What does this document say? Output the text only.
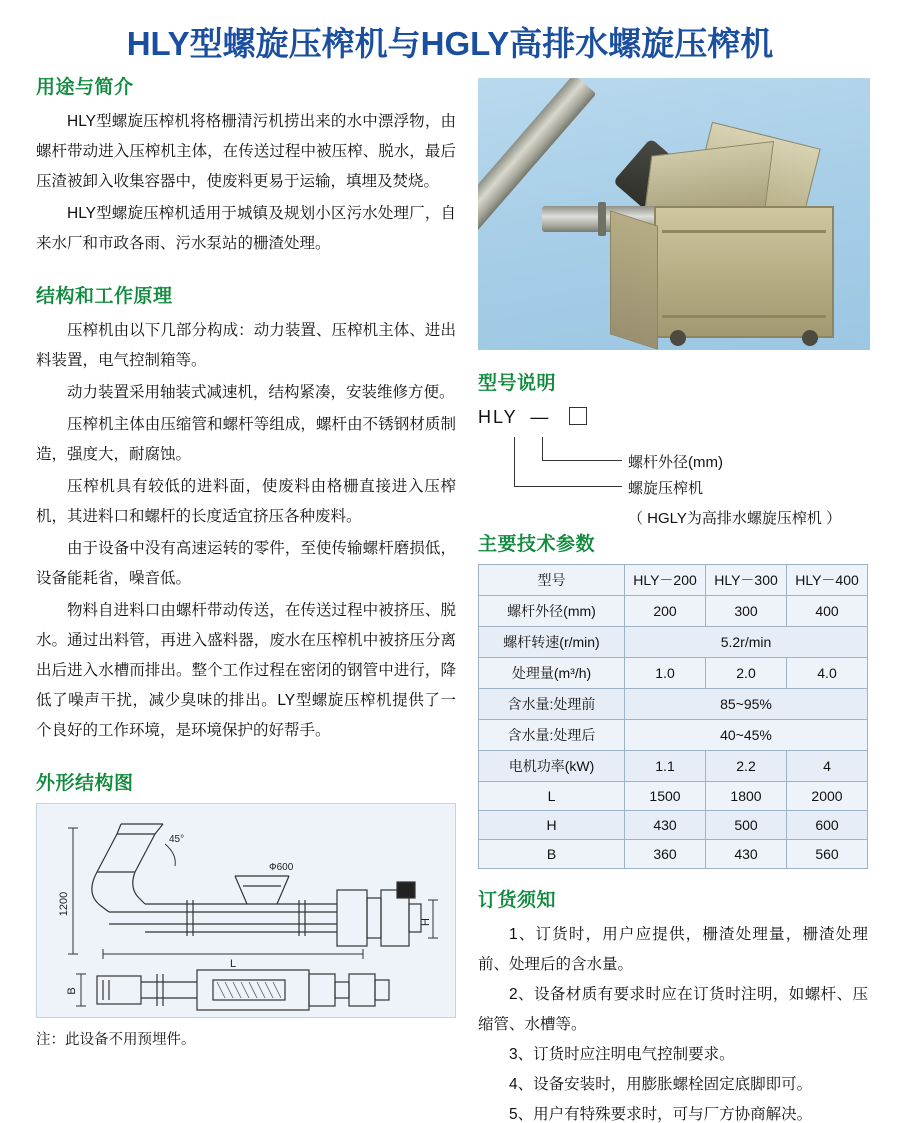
HLY型螺旋压榨机与HGLY高排水螺旋压榨机
用途与简介

HLY型螺旋压榨机将格栅清污机捞出来的水中漂浮物，由螺杆带动进入压榨机主体，在传送过程中被压榨、脱水，最后压渣被卸入收集容器中，使废料更易于运输，填埋及焚烧。

HLY型螺旋压榨机适用于城镇及规划小区污水处理厂，自来水厂和市政各雨、污水泵站的栅渣处理。

结构和工作原理

压榨机由以下几部分构成：动力装置、压榨机主体、进出料装置，电气控制箱等。

动力装置采用轴装式减速机，结构紧凑，安装维修方便。

压榨机主体由压缩管和螺杆等组成，螺杆由不锈钢材质制造，强度大，耐腐蚀。

压榨机具有较低的进料面，使废料由格栅直接进入压榨机，其进料口和螺杆的长度适宜挤压各种废料。

由于设备中没有高速运转的零件，至使传输螺杆磨损低，设备能耗省，噪音低。

物料自进料口由螺杆带动传送，在传送过程中被挤压、脱水。通过出料管，再进入盛料器，废水在压榨机中被挤压分离出后进入水槽而排出。整个工作过程在密闭的钢管中进行，降低了噪声干扰，减少臭味的排出。LY型螺旋压榨机提供了一个良好的工作环境，是环境保护的好帮手。

外形结构图
45°
1200
Ф600
L
H
B
注：此设备不用预埋件。
型号说明
HLY —
螺杆外径(mm)
螺旋压榨机
（ HGLY为高排水螺旋压榨机 ）
主要技术参数
型号	HLY－200	HLY－300	HLY－400
螺杆外径(mm)	200	300	400
螺杆转速(r/min)	5.2r/min		
处理量(m³/h)	1.0	2.0	4.0
含水量:处理前	85~95%		
含水量:处理后	40~45%		
电机功率(kW)	1.1	2.2	4
L	1500	1800	2000
H	430	500	600
B	360	430	560
订货须知

1、订货时，用户应提供，栅渣处理量，栅渣处理前、处理后的含水量。

2、设备材质有要求时应在订货时注明，如螺杆、压缩管、水槽等。

3、订货时应注明电气控制要求。

4、设备安装时，用膨胀螺栓固定底脚即可。

5、用户有特殊要求时，可与厂方协商解决。
